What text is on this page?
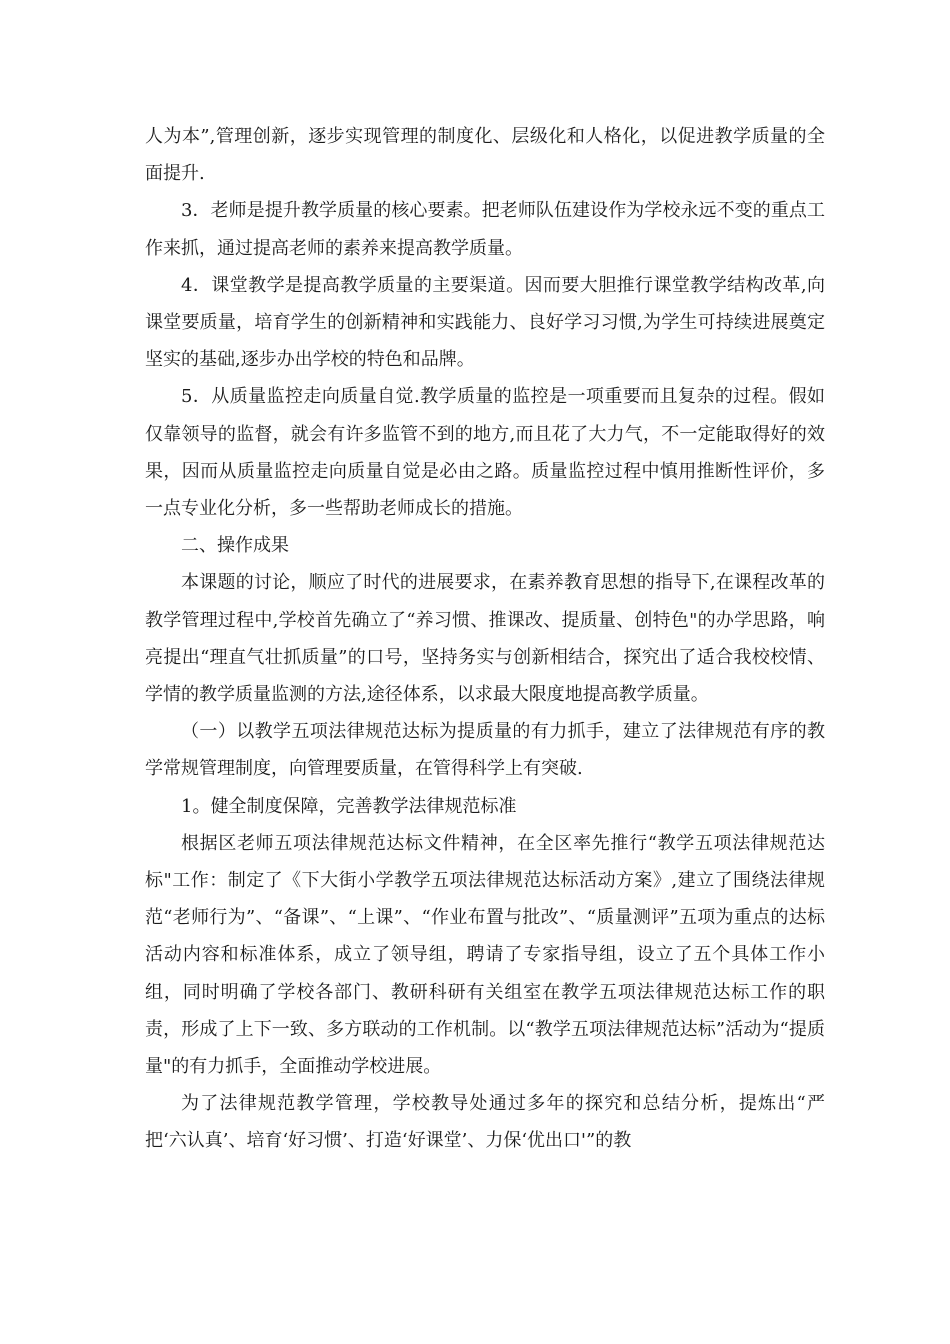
人为本”,管理创新，逐步实现管理的制度化、层级化和人格化，以促进教学质量的全面提升.

3．老师是提升教学质量的核心要素。把老师队伍建设作为学校永远不变的重点工作来抓，通过提高老师的素养来提高教学质量。

4．课堂教学是提高教学质量的主要渠道。因而要大胆推行课堂教学结构改革,向课堂要质量，培育学生的创新精神和实践能力、良好学习习惯,为学生可持续进展奠定坚实的基础,逐步办出学校的特色和品牌。

5．从质量监控走向质量自觉.教学质量的监控是一项重要而且复杂的过程。假如仅靠领导的监督，就会有许多监管不到的地方,而且花了大力气，不一定能取得好的效果，因而从质量监控走向质量自觉是必由之路。质量监控过程中慎用推断性评价，多一点专业化分析，多一些帮助老师成长的措施。

二、操作成果

本课题的讨论，顺应了时代的进展要求，在素养教育思想的指导下,在课程改革的教学管理过程中,学校首先确立了“养习惯、推课改、提质量、创特色"的办学思路，响亮提出“理直气壮抓质量”的口号，坚持务实与创新相结合，探究出了适合我校校情、学情的教学质量监测的方法,途径体系，以求最大限度地提高教学质量。

（一）以教学五项法律规范达标为提质量的有力抓手，建立了法律规范有序的教学常规管理制度，向管理要质量，在管得科学上有突破.

1。健全制度保障，完善教学法律规范标准

根据区老师五项法律规范达标文件精神，在全区率先推行“教学五项法律规范达标"工作：制定了《下大街小学教学五项法律规范达标活动方案》,建立了围绕法律规范“老师行为”、“备课”、“上课”、“作业布置与批改”、“质量测评”五项为重点的达标活动内容和标准体系，成立了领导组，聘请了专家指导组，设立了五个具体工作小组，同时明确了学校各部门、教研科研有关组室在教学五项法律规范达标工作的职责，形成了上下一致、多方联动的工作机制。以“教学五项法律规范达标”活动为“提质量"的有力抓手，全面推动学校进展。

为了法律规范教学管理，学校教导处通过多年的探究和总结分析，提炼出“严把‘六认真’、培育‘好习惯’、打造‘好课堂’、力保‘优出口'”的教
